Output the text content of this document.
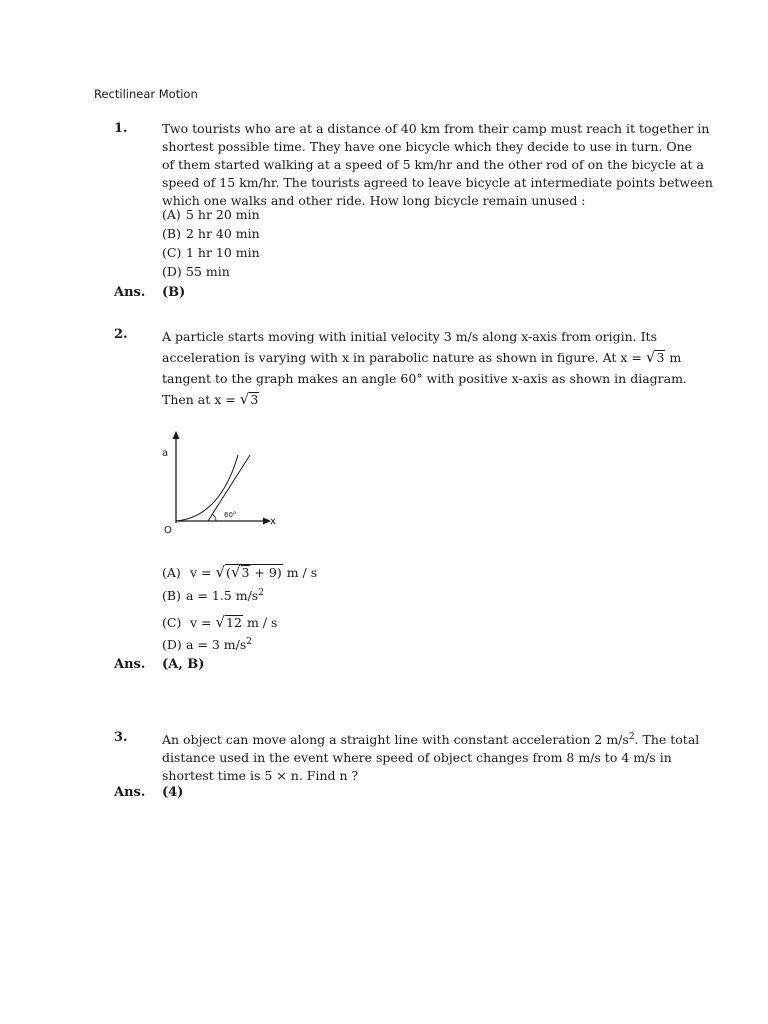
Rectilinear Motion
1.	Two tourists who are at a distance of 40 km from their camp must reach it together in
shortest possible time. They have one bicycle which they decide to use in turn. One
of them started walking at a speed of 5 km/hr and the other rod of on the bicycle at a
speed of 15 km/hr. The tourists agreed to leave bicycle at intermediate points between
which one walks and other ride. How long bicycle remain unused :
(A) 5 hr 20 min
(B) 2 hr 40 min
(C) 1 hr 10 min
(D) 55 min
Ans. (B)
2.	A particle starts moving with initial velocity 3 m/s along x-axis from origin. Its
acceleration is varying with x in parabolic nature as shown in figure. At x = √3 m
tangent to the graph makes an angle 60° with positive x-axis as shown in diagram.
Then at x = √3
a
x
O
60°
(A) v = √(√3 + 9) m / s
(B) a = 1.5 $m/s^2$
(C) v = √12 m / s
(D) a = 3 $m/s^2$
Ans. (A, B)
3.	An object can move along a straight line with constant acceleration 2 $m/s^2$. The total
distance used in the event where speed of object changes from 8 m/s to 4 m/s in
shortest time is 5 × n. Find n ?
Ans. (4)
